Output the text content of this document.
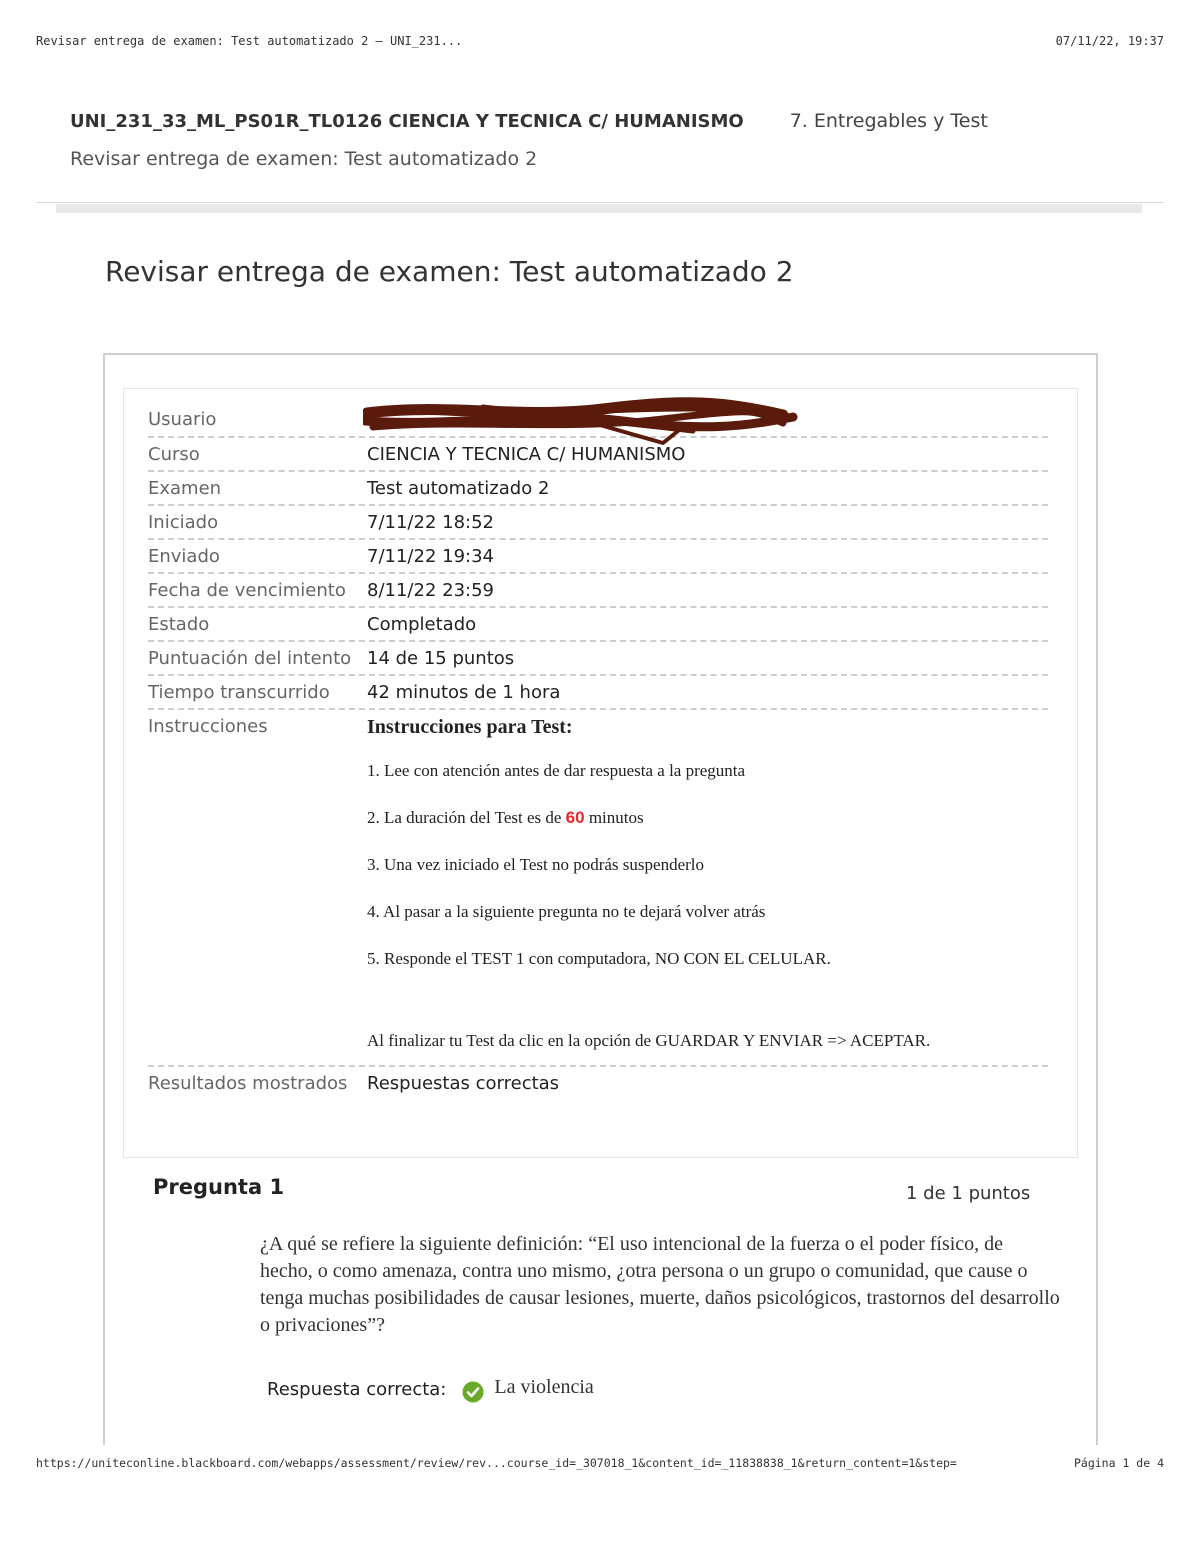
Revisar entrega de examen: Test automatizado 2 – UNI_231...	07/11/22, 19:37
UNI_231_33_ML_PS01R_TL0126 CIENCIA Y TECNICA C/ HUMANISMO 7. Entregables y Test
Revisar entrega de examen: Test automatizado 2
Revisar entrega de examen: Test automatizado 2
Usuario
Curso	CIENCIA Y TECNICA C/ HUMANISMO
Examen	Test automatizado 2
Iniciado	7/11/22 18:52
Enviado	7/11/22 19:34
Fecha de vencimiento	8/11/22 23:59
Estado	Completado
Puntuación del intento 14 de 15 puntos
Tiempo transcurrido	42 minutos de 1 hora
Instrucciones	Instrucciones para Test:
1. Lee con atención antes de dar respuesta a la pregunta
2. La duración del Test es de 60 minutos
3. Una vez iniciado el Test no podrás suspenderlo
4. Al pasar a la siguiente pregunta no te dejará volver atrás
5. Responde el TEST 1 con computadora, NO CON EL CELULAR.
Al finalizar tu Test da clic en la opción de GUARDAR Y ENVIAR => ACEPTAR.
Resultados mostrados	Respuestas correctas
Pregunta 1	1 de 1 puntos
¿A qué se refiere la siguiente definición: “El uso intencional de la fuerza o el poder físico, de hecho, o como amenaza, contra uno mismo, ¿otra persona o un grupo o comunidad, que cause o tenga muchas posibilidades de causar lesiones, muerte, daños psicológicos, trastornos del desarrollo o privaciones”?
Respuesta correcta: La violencia
https://uniteconline.blackboard.com/webapps/assessment/review/rev...course_id=_307018_1&content_id=_11838838_1&return_content=1&step=	Página 1 de 4
